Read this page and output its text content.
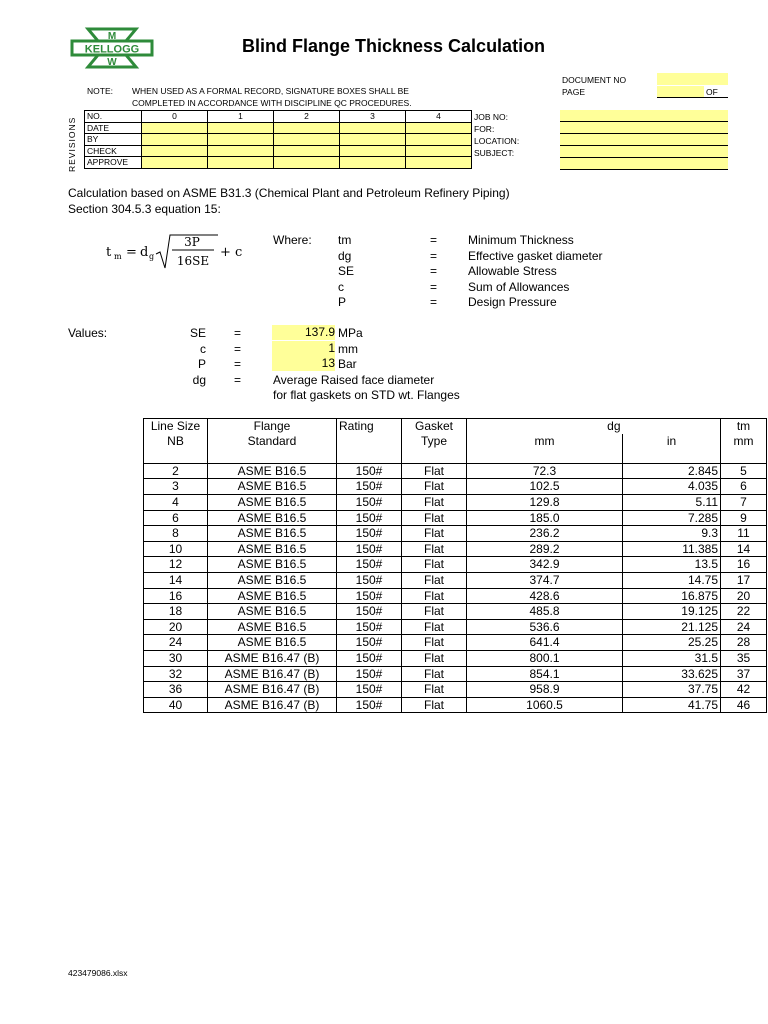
M
KELLOGG
W
Blind Flange Thickness Calculation
NOTE: WHEN USED AS A FORMAL RECORD, SIGNATURE BOXES SHALL BE
COMPLETED IN ACCORDANCE WITH DISCIPLINE QC PROCEDURES.
REVISIONS
NO.	0	1	2	3	4
DATE					
BY					
CHECK					
APPROVE					
DOCUMENT NO
PAGE	OF
JOB NO:
FOR:
LOCATION:
SUBJECT:
Calculation based on ASME B31.3 (Chemical Plant and Petroleum Refinery Piping)
Section 304.5.3 equation 15:
t m = d g
3P
16SE
+ c
Where: tm	=	Minimum Thickness
dg	=	Effective gasket diameter
SE	=	Allowable Stress
c	=	Sum of Allowances
P	=	Design Pressure
Values:	SE =	137.9 MPa
c =	1 mm
P =	13 Bar
dg =	Average Raised face diameter
for flat gaskets on STD wt. Flanges
Line Size	Flange	Rating	Gasket	dg		tm
NB	Standard		Type	mm	in	mm

2	ASME B16.5	150#	Flat	72.3	2.845	5
3	ASME B16.5	150#	Flat	102.5	4.035	6
4	ASME B16.5	150#	Flat	129.8	5.11	7
6	ASME B16.5	150#	Flat	185.0	7.285	9
8	ASME B16.5	150#	Flat	236.2	9.3	11
10	ASME B16.5	150#	Flat	289.2	11.385	14
12	ASME B16.5	150#	Flat	342.9	13.5	16
14	ASME B16.5	150#	Flat	374.7	14.75	17
16	ASME B16.5	150#	Flat	428.6	16.875	20
18	ASME B16.5	150#	Flat	485.8	19.125	22
20	ASME B16.5	150#	Flat	536.6	21.125	24
24	ASME B16.5	150#	Flat	641.4	25.25	28
30	ASME B16.47 (B)	150#	Flat	800.1	31.5	35
32	ASME B16.47 (B)	150#	Flat	854.1	33.625	37
36	ASME B16.47 (B)	150#	Flat	958.9	37.75	42
40	ASME B16.47 (B)	150#	Flat	1060.5	41.75	46
423479086.xlsx
